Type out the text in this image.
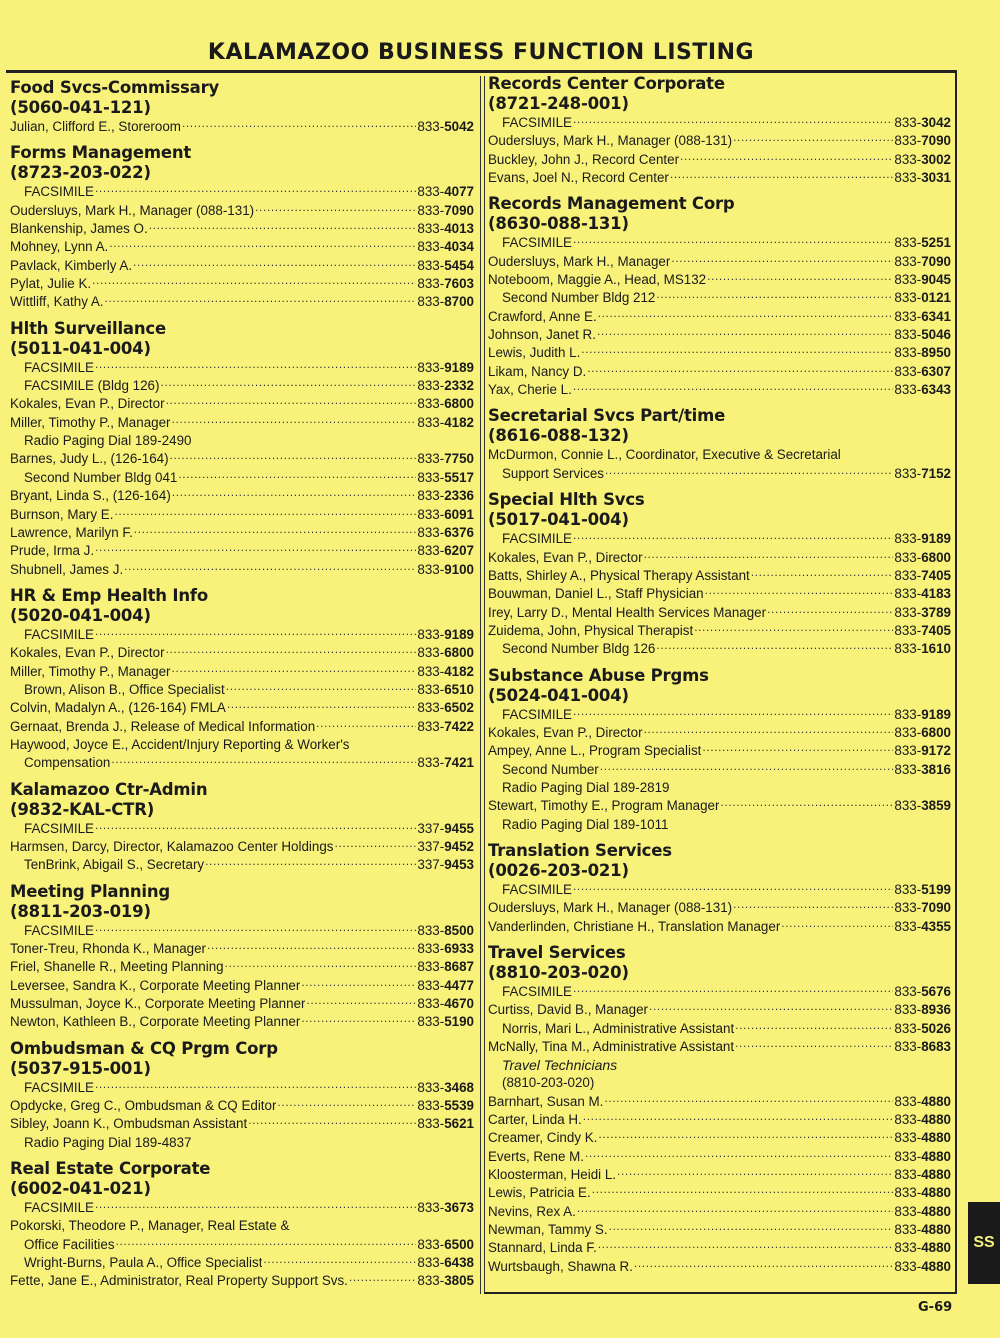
KALAMAZOO BUSINESS FUNCTION LISTING
Food Svcs-Commissary
(5060-041-121)
Julian, Clifford E., Storeroom .....	833-5042
Forms Management
(8723-203-022)
FACSIMILE .....	833-4077
Oudersluys, Mark H., Manager (088-131) .....	833-7090
Blankenship, James O. .....	833-4013
Mohney, Lynn A. .....	833-4034
Pavlack, Kimberly A. .....	833-5454
Pylat, Julie K. .....	833-7603
Wittliff, Kathy A. .....	833-8700
Hlth Surveillance
(5011-041-004)
FACSIMILE .....	833-9189
FACSIMILE (Bldg 126) .....	833-2332
Kokales, Evan P., Director .....	833-6800
Miller, Timothy P., Manager .....	833-4182
Radio Paging Dial 189-2490
Barnes, Judy L., (126-164) .....	833-7750
Second Number Bldg 041 .....	833-5517
Bryant, Linda S., (126-164) .....	833-2336
Burnson, Mary E. .....	833-6091
Lawrence, Marilyn F. .....	833-6376
Prude, Irma J. .....	833-6207
Shubnell, James J. .....	833-9100
HR & Emp Health Info
(5020-041-004)
FACSIMILE .....	833-9189
Kokales, Evan P., Director .....	833-6800
Miller, Timothy P., Manager .....	833-4182
Brown, Alison B., Office Specialist .....	833-6510
Colvin, Madalyn A., (126-164) FMLA .....	833-6502
Gernaat, Brenda J., Release of Medical Information .....	833-7422
Haywood, Joyce E., Accident/Injury Reporting & Worker's
Compensation .....	833-7421
Kalamazoo Ctr-Admin
(9832-KAL-CTR)
FACSIMILE .....	337-9455
Harmsen, Darcy, Director, Kalamazoo Center Holdings .....	337-9452
TenBrink, Abigail S., Secretary .....	337-9453
Meeting Planning
(8811-203-019)
FACSIMILE .....	833-8500
Toner-Treu, Rhonda K., Manager .....	833-6933
Friel, Shanelle R., Meeting Planning .....	833-8687
Leversee, Sandra K., Corporate Meeting Planner .....	833-4477
Mussulman, Joyce K., Corporate Meeting Planner .....	833-4670
Newton, Kathleen B., Corporate Meeting Planner .....	833-5190
Ombudsman & CQ Prgm Corp
(5037-915-001)
FACSIMILE .....	833-3468
Opdycke, Greg C., Ombudsman & CQ Editor .....	833-5539
Sibley, Joann K., Ombudsman Assistant .....	833-5621
Radio Paging Dial 189-4837
Real Estate Corporate
(6002-041-021)
FACSIMILE .....	833-3673
Pokorski, Theodore P., Manager, Real Estate &
Office Facilities .....	833-6500
Wright-Burns, Paula A., Office Specialist .....	833-6438
Fette, Jane E., Administrator, Real Property Support Svs. .....	833-3805
Records Center Corporate
(8721-248-001)
FACSIMILE .....	833-3042
Oudersluys, Mark H., Manager (088-131) .....	833-7090
Buckley, John J., Record Center .....	833-3002
Evans, Joel N., Record Center .....	833-3031
Records Management Corp
(8630-088-131)
FACSIMILE .....	833-5251
Oudersluys, Mark H., Manager .....	833-7090
Noteboom, Maggie A., Head, MS132 .....	833-9045
Second Number Bldg 212 .....	833-0121
Crawford, Anne E. .....	833-6341
Johnson, Janet R. .....	833-5046
Lewis, Judith L. .....	833-8950
Likam, Nancy D. .....	833-6307
Yax, Cherie L. .....	833-6343
Secretarial Svcs Part/time
(8616-088-132)
McDurmon, Connie L., Coordinator, Executive & Secretarial
Support Services .....	833-7152
Special Hlth Svcs
(5017-041-004)
FACSIMILE .....	833-9189
Kokales, Evan P., Director .....	833-6800
Batts, Shirley A., Physical Therapy Assistant .....	833-7405
Bouwman, Daniel L., Staff Physician .....	833-4183
Irey, Larry D., Mental Health Services Manager .....	833-3789
Zuidema, John, Physical Therapist .....	833-7405
Second Number Bldg 126 .....	833-1610
Substance Abuse Prgms
(5024-041-004)
FACSIMILE .....	833-9189
Kokales, Evan P., Director .....	833-6800
Ampey, Anne L., Program Specialist .....	833-9172
Second Number .....	833-3816
Radio Paging Dial 189-2819
Stewart, Timothy E., Program Manager .....	833-3859
Radio Paging Dial 189-1011
Translation Services
(0026-203-021)
FACSIMILE .....	833-5199
Oudersluys, Mark H., Manager (088-131) .....	833-7090
Vanderlinden, Christiane H., Translation Manager .....	833-4355
Travel Services
(8810-203-020)
FACSIMILE .....	833-5676
Curtiss, David B., Manager .....	833-8936
Norris, Mari L., Administrative Assistant .....	833-5026
McNally, Tina M., Administrative Assistant .....	833-8683
Travel Technicians
(8810-203-020)
Barnhart, Susan M. .....	833-4880
Carter, Linda H. .....	833-4880
Creamer, Cindy K. .....	833-4880
Everts, Rene M. .....	833-4880
Kloosterman, Heidi L. .....	833-4880
Lewis, Patricia E. .....	833-4880
Nevins, Rex A. .....	833-4880
Newman, Tammy S. .....	833-4880
Stannard, Linda F. .....	833-4880
Wurtsbaugh, Shawna R. .....	833-4880
SS
G-69
